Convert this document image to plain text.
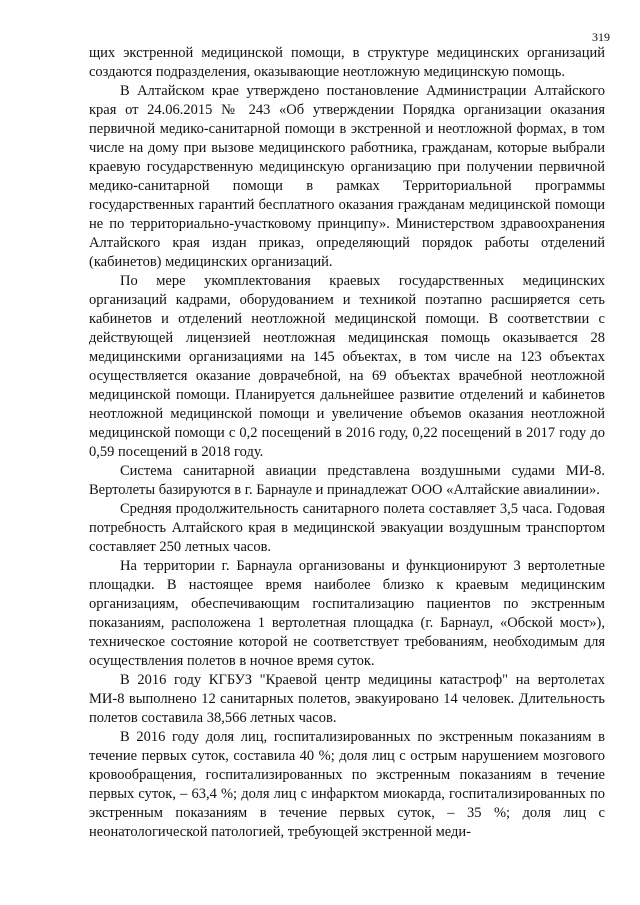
319

щих экстренной медицинской помощи, в структуре медицинских организаций создаются подразделения, оказывающие неотложную медицинскую помощь.

В Алтайском крае утверждено постановление Администрации Алтайского края от 24.06.2015 № 243 «Об утверждении Порядка организации оказания первичной медико-санитарной помощи в экстренной и неотложной формах, в том числе на дому при вызове медицинского работника, гражданам, которые выбрали краевую государственную медицинскую организацию при получении первичной медико-санитарной помощи в рамках Территориальной программы государственных гарантий бесплатного оказания гражданам медицинской помощи не по территориально-участковому принципу». Министерством здравоохранения Алтайского края издан приказ, определяющий порядок работы отделений (кабинетов) медицинских организаций.

По мере укомплектования краевых государственных медицинских организаций кадрами, оборудованием и техникой поэтапно расширяется сеть кабинетов и отделений неотложной медицинской помощи. В соответствии с действующей лицензией неотложная медицинская помощь оказывается 28 медицинскими организациями на 145 объектах, в том числе на 123 объектах осуществляется оказание доврачебной, на 69 объектах врачебной неотложной медицинской помощи. Планируется дальнейшее развитие отделений и кабинетов неотложной медицинской помощи и увеличение объемов оказания неотложной медицинской помощи с 0,2 посещений в 2016 году, 0,22 посещений в 2017 году до 0,59 посещений в 2018 году.

Система санитарной авиации представлена воздушными судами МИ-8. Вертолеты базируются в г. Барнауле и принадлежат ООО «Алтайские авиалинии».

Средняя продолжительность санитарного полета составляет 3,5 часа. Годовая потребность Алтайского края в медицинской эвакуации воздушным транспортом составляет 250 летных часов.

На территории г. Барнаула организованы и функционируют 3 вертолетные площадки. В настоящее время наиболее близко к краевым медицинским организациям, обеспечивающим госпитализацию пациентов по экстренным показаниям, расположена 1 вертолетная площадка (г. Барнаул, «Обской мост»), техническое состояние которой не соответствует требованиям, необходимым для осуществления полетов в ночное время суток.

В 2016 году КГБУЗ "Краевой центр медицины катастроф" на вертолетах МИ-8 выполнено 12 санитарных полетов, эвакуировано 14 человек. Длительность полетов составила 38,566 летных часов.

В 2016 году доля лиц, госпитализированных по экстренным показаниям в течение первых суток, составила 40 %; доля лиц с острым нарушением мозгового кровообращения, госпитализированных по экстренным показаниям в течение первых суток, – 63,4 %; доля лиц с инфарктом миокарда, госпитализированных по экстренным показаниям в течение первых суток, – 35 %; доля лиц с неонатологической патологией, требующей экстренной меди-
